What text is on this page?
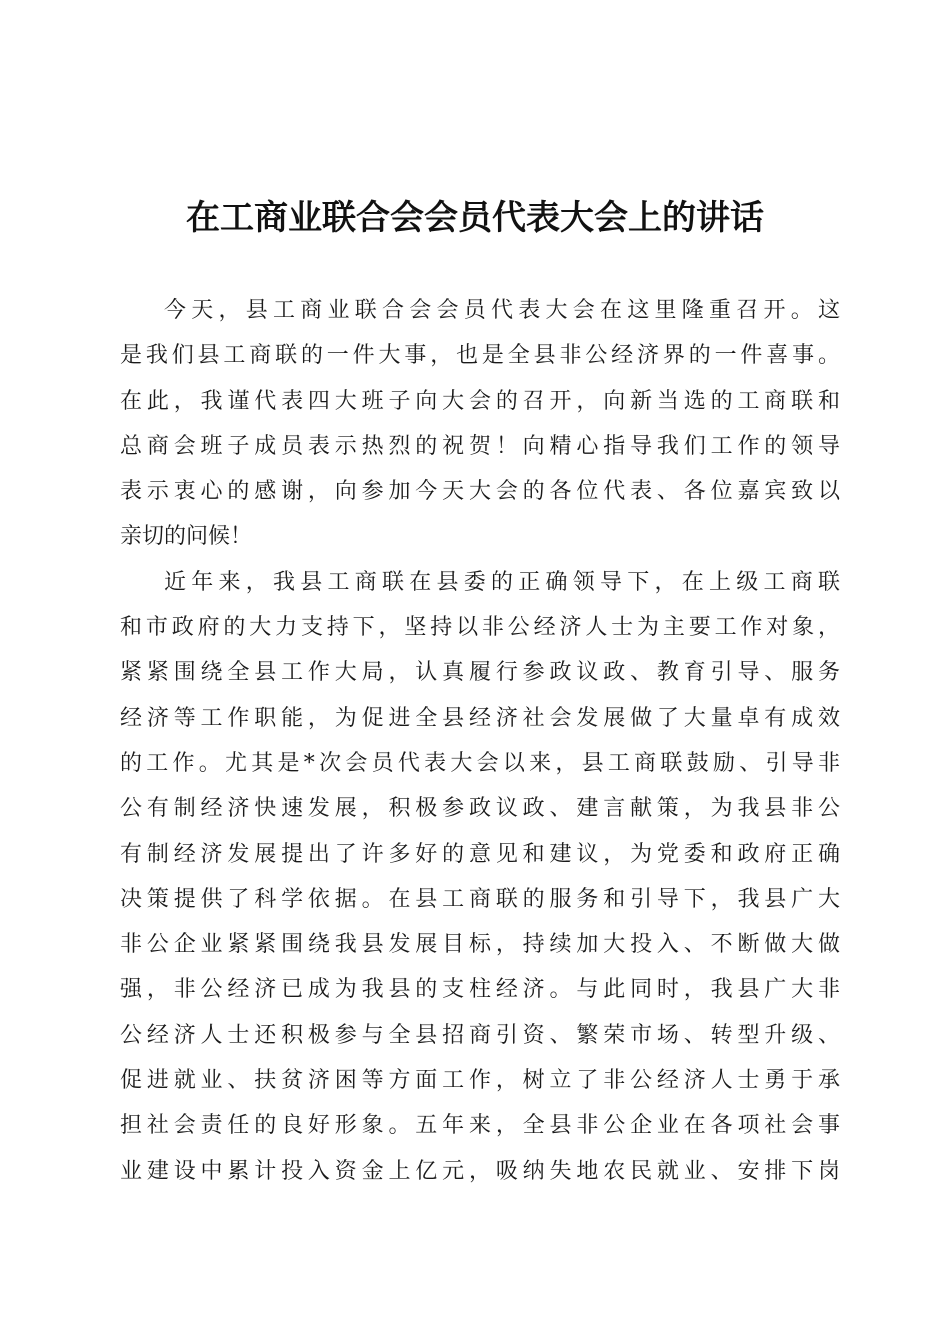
在工商业联合会会员代表大会上的讲话
今天，县工商业联合会会员代表大会在这里隆重召开。这
是我们县工商联的一件大事，也是全县非公经济界的一件喜事。
在此，我谨代表四大班子向大会的召开，向新当选的工商联和
总商会班子成员表示热烈的祝贺！向精心指导我们工作的领导
表示衷心的感谢，向参加今天大会的各位代表、各位嘉宾致以
亲切的问候！
近年来，我县工商联在县委的正确领导下，在上级工商联
和市政府的大力支持下，坚持以非公经济人士为主要工作对象，
紧紧围绕全县工作大局，认真履行参政议政、教育引导、服务
经济等工作职能，为促进全县经济社会发展做了大量卓有成效
的工作。尤其是*次会员代表大会以来，县工商联鼓励、引导非
公有制经济快速发展，积极参政议政、建言献策，为我县非公
有制经济发展提出了许多好的意见和建议，为党委和政府正确
决策提供了科学依据。在县工商联的服务和引导下，我县广大
非公企业紧紧围绕我县发展目标，持续加大投入、不断做大做
强，非公经济已成为我县的支柱经济。与此同时，我县广大非
公经济人士还积极参与全县招商引资、繁荣市场、转型升级、
促进就业、扶贫济困等方面工作，树立了非公经济人士勇于承
担社会责任的良好形象。五年来，全县非公企业在各项社会事
业建设中累计投入资金上亿元，吸纳失地农民就业、安排下岗
